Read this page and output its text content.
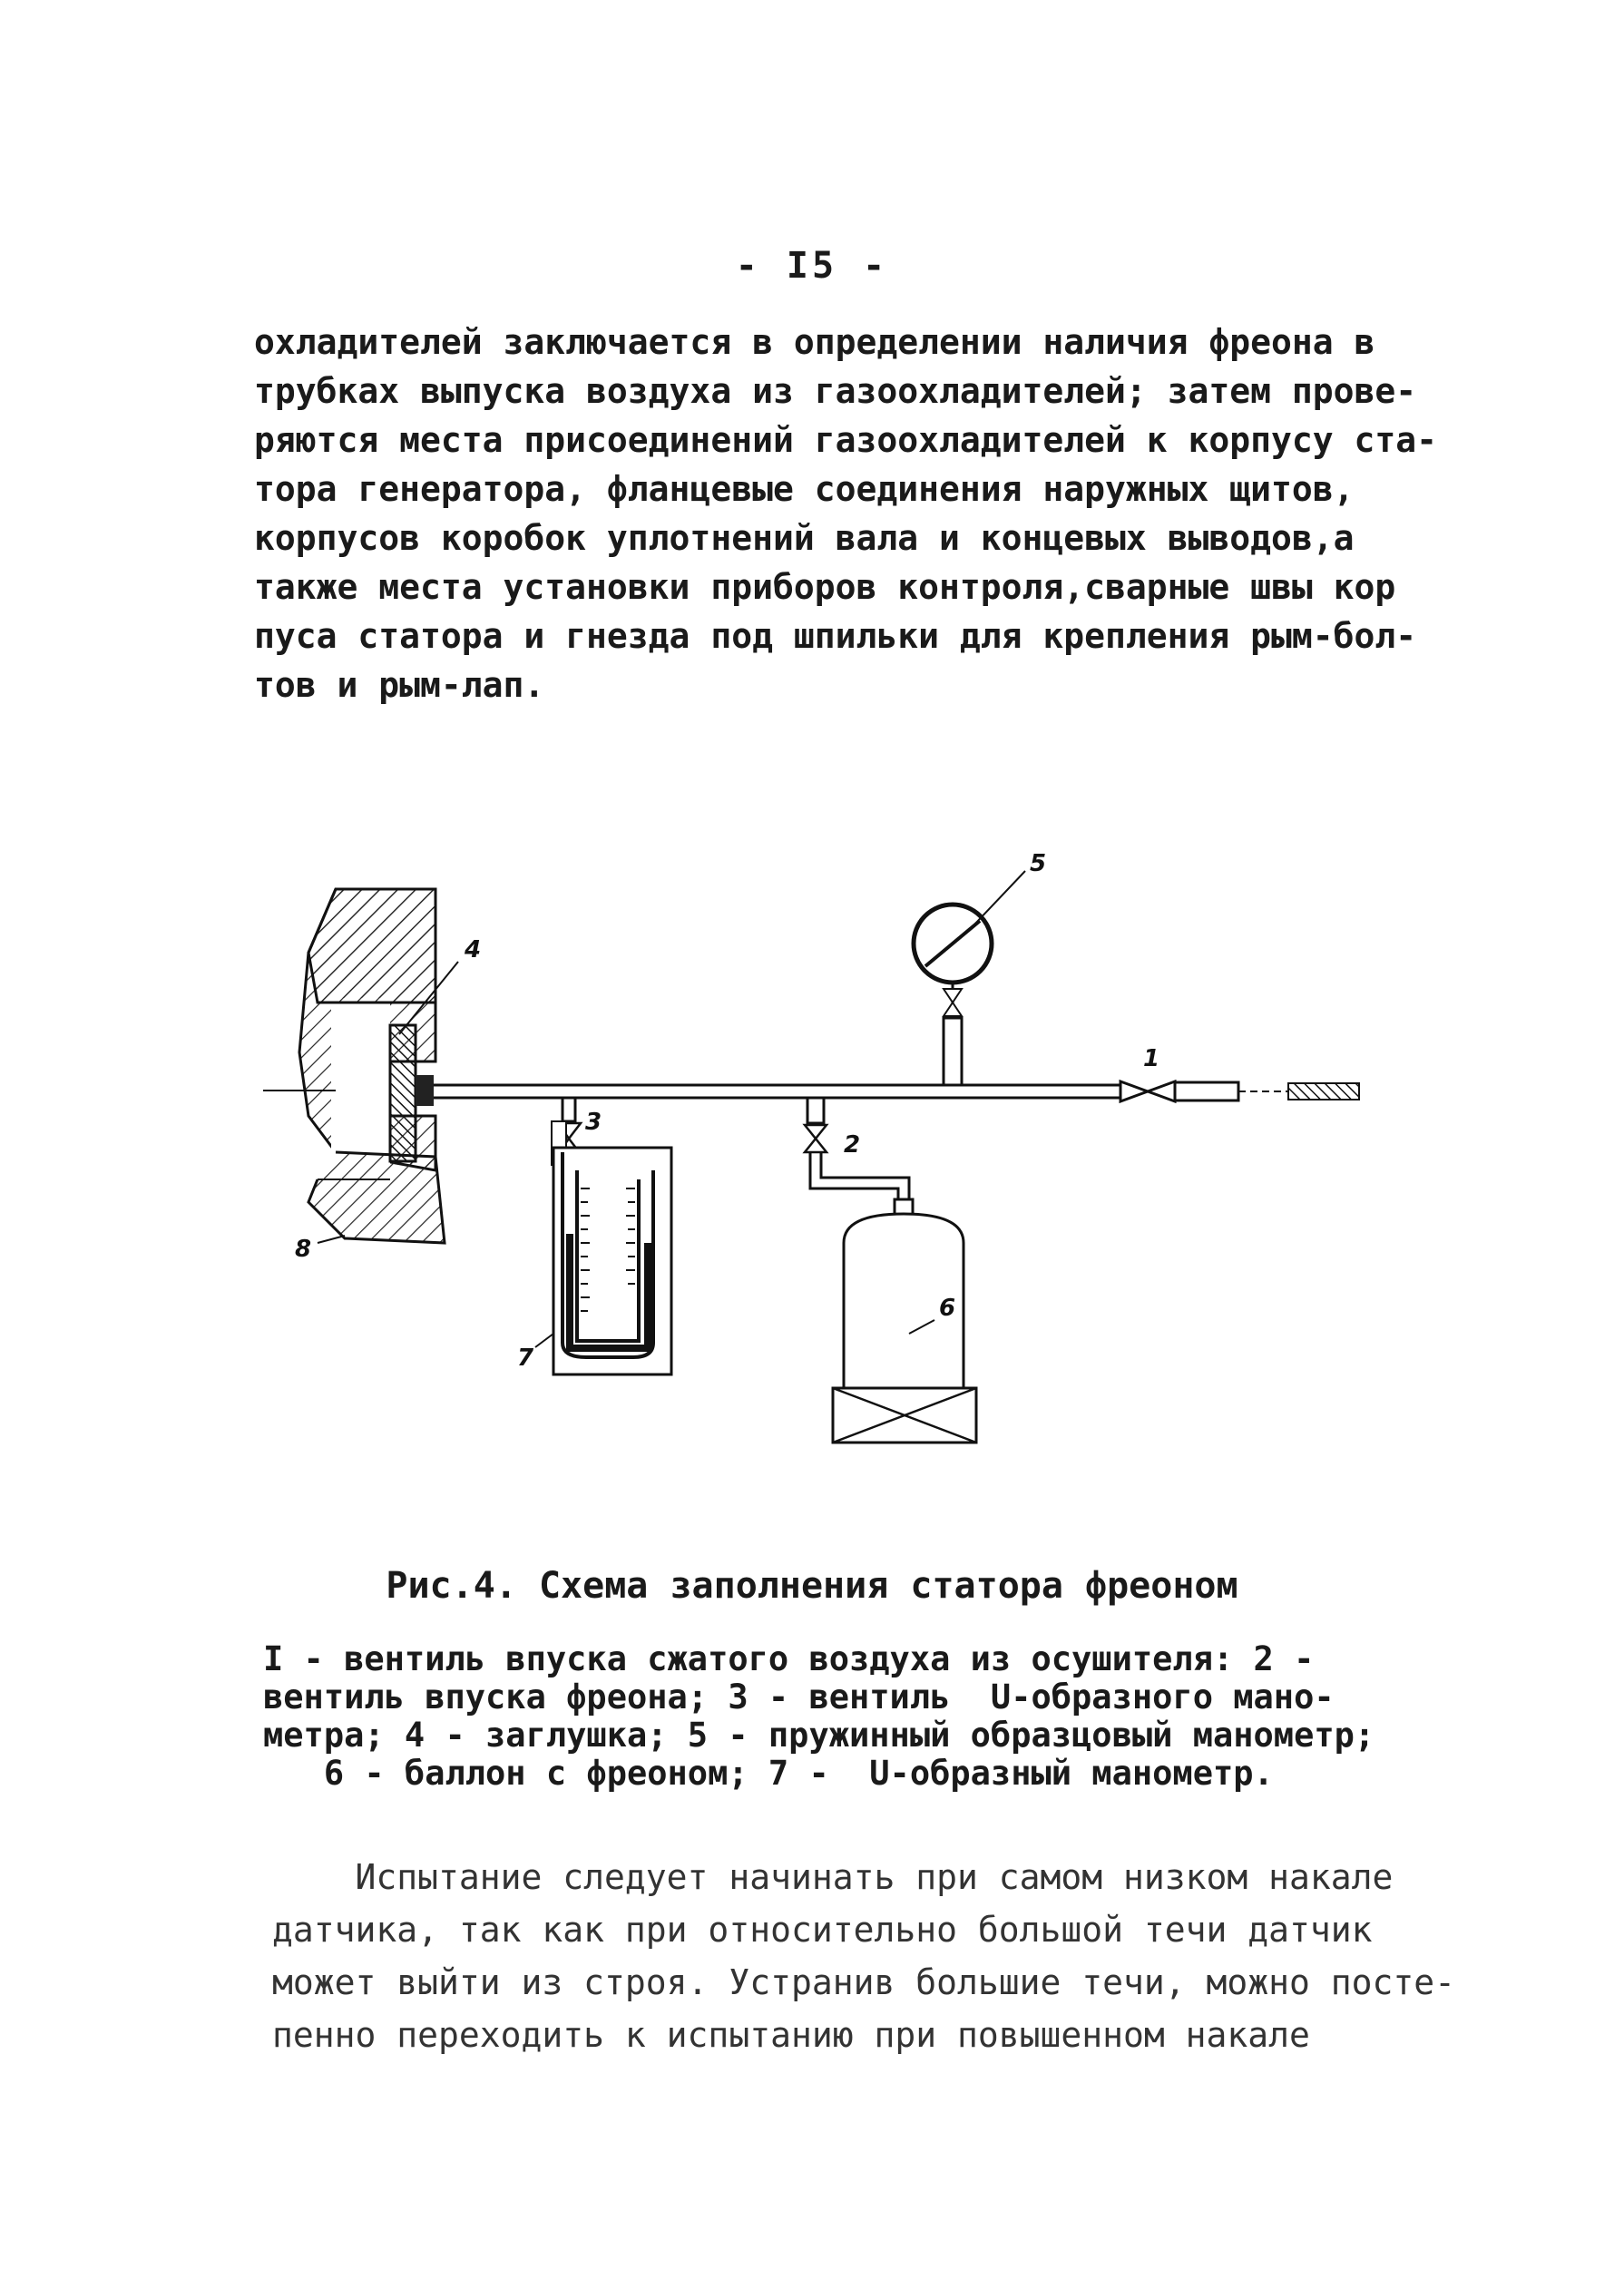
- I5 -
охладителей заключается в определении наличия фреона в
трубках выпуска воздуха из газоохладителей; затем прове-
ряются места присоединений газоохладителей к корпусу ста-
тора генератора, фланцевые соединения наружных щитов,
корпусов коробок уплотнений вала и концевых выводов,а
также места установки приборов контроля,сварные швы кор
пуса статора и гнезда под шпильки для крепления рым-бол-
тов и рым-лап.
4
5
1
3
2
7
6
8
Рис.4. Схема заполнения статора фреоном
I - вентиль впуска сжатого воздуха из осушителя: 2 -
вентиль впуска фреона; 3 - вентиль  U-образного мано-
метра; 4 - заглушка; 5 - пружинный образцовый манометр;
6 - баллон с фреоном; 7 -  U-образный манометр.
Испытание следует начинать при самом низком накале
датчика, так как при относительно большой течи датчик
может выйти из строя. Устранив большие течи, можно посте-
пенно переходить к испытанию при повышенном накале
